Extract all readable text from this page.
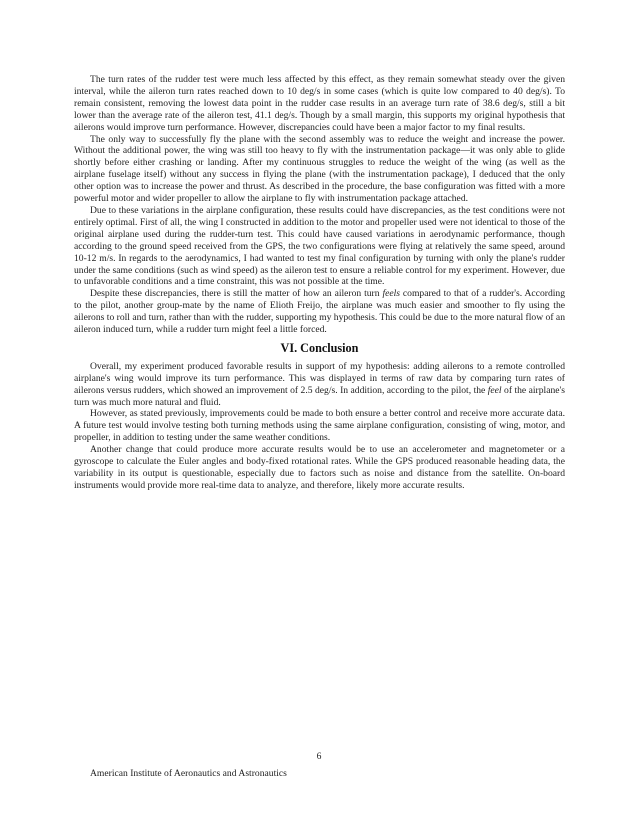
The turn rates of the rudder test were much less affected by this effect, as they remain somewhat steady over the given interval, while the aileron turn rates reached down to 10 deg/s in some cases (which is quite low compared to 40 deg/s). To remain consistent, removing the lowest data point in the rudder case results in an average turn rate of 38.6 deg/s, still a bit lower than the average rate of the aileron test, 41.1 deg/s. Though by a small margin, this supports my original hypothesis that ailerons would improve turn performance. However, discrepancies could have been a major factor to my final results.

The only way to successfully fly the plane with the second assembly was to reduce the weight and increase the power. Without the additional power, the wing was still too heavy to fly with the instrumentation package—it was only able to glide shortly before either crashing or landing. After my continuous struggles to reduce the weight of the wing (as well as the airplane fuselage itself) without any success in flying the plane (with the instrumentation package), I deduced that the only other option was to increase the power and thrust. As described in the procedure, the base configuration was fitted with a more powerful motor and wider propeller to allow the airplane to fly with instrumentation package attached.

Due to these variations in the airplane configuration, these results could have discrepancies, as the test conditions were not entirely optimal. First of all, the wing I constructed in addition to the motor and propeller used were not identical to those of the original airplane used during the rudder-turn test. This could have caused variations in aerodynamic performance, though according to the ground speed received from the GPS, the two configurations were flying at relatively the same speed, around 10-12 m/s. In regards to the aerodynamics, I had wanted to test my final configuration by turning with only the plane's rudder under the same conditions (such as wind speed) as the aileron test to ensure a reliable control for my experiment. However, due to unfavorable conditions and a time constraint, this was not possible at the time.

Despite these discrepancies, there is still the matter of how an aileron turn feels compared to that of a rudder's. According to the pilot, another group-mate by the name of Elioth Freijo, the airplane was much easier and smoother to fly using the ailerons to roll and turn, rather than with the rudder, supporting my hypothesis. This could be due to the more natural flow of an aileron induced turn, while a rudder turn might feel a little forced.

VI. Conclusion

Overall, my experiment produced favorable results in support of my hypothesis: adding ailerons to a remote controlled airplane's wing would improve its turn performance. This was displayed in terms of raw data by comparing turn rates of ailerons versus rudders, which showed an improvement of 2.5 deg/s. In addition, according to the pilot, the feel of the airplane's turn was much more natural and fluid.

However, as stated previously, improvements could be made to both ensure a better control and receive more accurate data. A future test would involve testing both turning methods using the same airplane configuration, consisting of wing, motor, and propeller, in addition to testing under the same weather conditions.

Another change that could produce more accurate results would be to use an accelerometer and magnetometer or a gyroscope to calculate the Euler angles and body-fixed rotational rates. While the GPS produced reasonable heading data, the variability in its output is questionable, especially due to factors such as noise and distance from the satellite. On-board instruments would provide more real-time data to analyze, and therefore, likely more accurate results.

6
American Institute of Aeronautics and Astronautics
